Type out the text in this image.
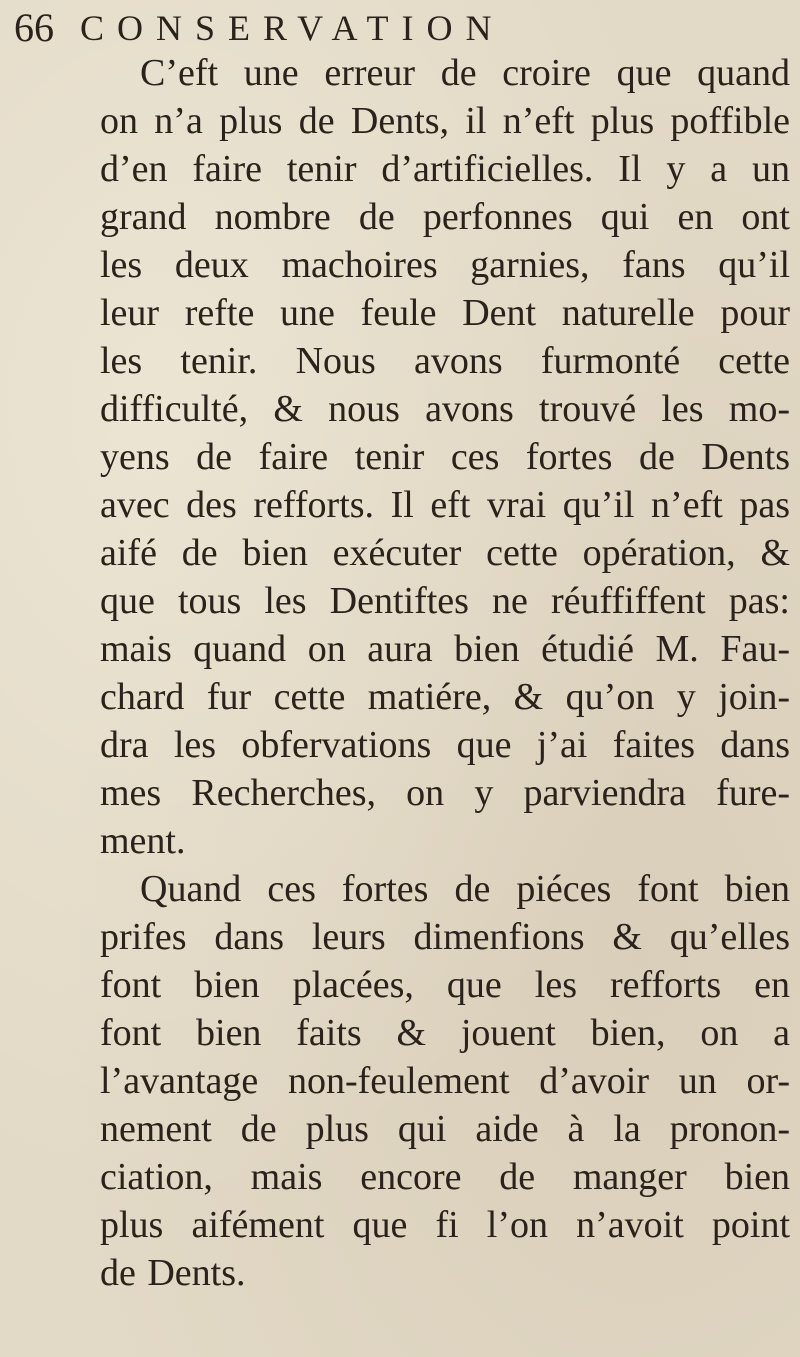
66 CONSERVATION
C’eft une erreur de croire que quand
on n’a plus de Dents, il n’eft plus poffible
d’en faire tenir d’artificielles. Il y a un
grand nombre de perfonnes qui en ont
les deux machoires garnies, fans qu’il
leur refte une feule Dent naturelle pour
les tenir. Nous avons furmonté cette
difficulté, & nous avons trouvé les mo-
yens de faire tenir ces fortes de Dents
avec des refforts. Il eft vrai qu’il n’eft pas
aifé de bien exécuter cette opération, &
que tous les Dentiftes ne réuffiffent pas:
mais quand on aura bien étudié M. Fau-
chard fur cette matiére, & qu’on y join-
dra les obfervations que j’ai faites dans
mes Recherches, on y parviendra fure-
ment.
Quand ces fortes de piéces font bien
prifes dans leurs dimenfions & qu’elles
font bien placées, que les refforts en
font bien faits & jouent bien, on a
l’avantage non-feulement d’avoir un or-
nement de plus qui aide à la pronon-
ciation, mais encore de manger bien
plus aifément que fi l’on n’avoit point
de Dents.
